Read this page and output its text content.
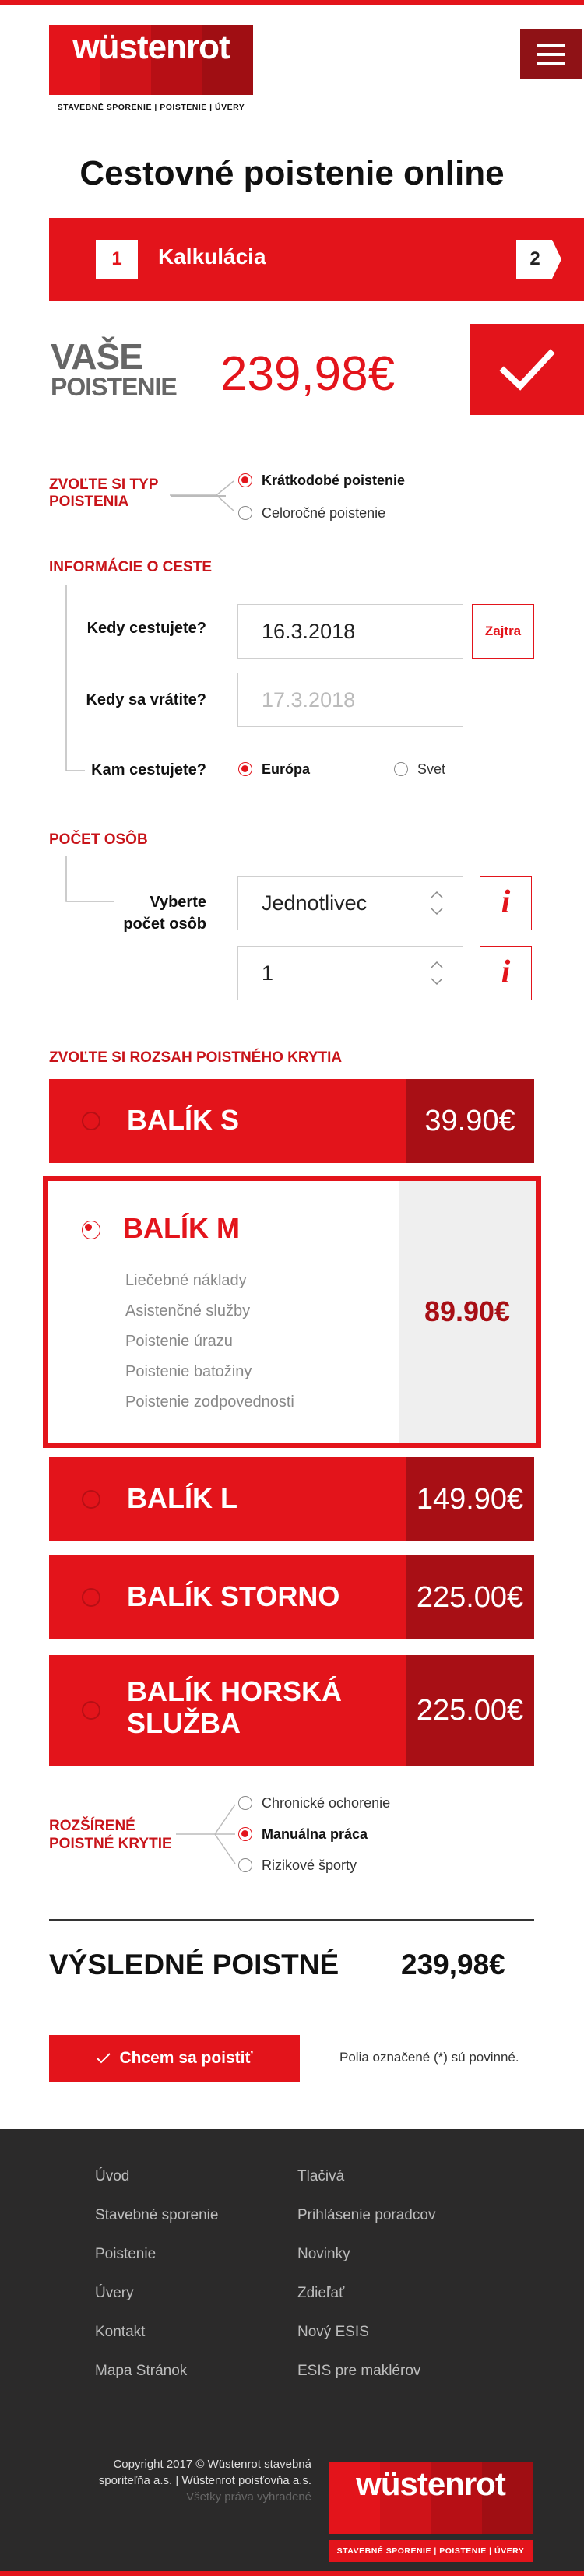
wüstenrot
STAVEBNÉ SPORENIE | POISTENIE | ÚVERY
Cestovné poistenie online
1	Kalkulácia	2
VAŠE
POISTENIE 239,98€
ZVOĽTE SI TYP
POISTENIA
Krátkodobé poistenie
Celoročné poistenie
INFORMÁCIE O CESTE
Kedy cestujete?	16.3.2018	Zajtra
Kedy sa vrátite?	17.3.2018
Kam cestujete?	Európa	Svet
POČET OSÔB
Vyberte
počet osôb
Jednotlivec	i
1	i
ZVOĽTE SI ROZSAH POISTNÉHO KRYTIA
BALÍK S	39.90€
BALÍK M
Liečebné náklady
Asistenčné služby
Poistenie úrazu
Poistenie batožiny
Poistenie zodpovednosti
89.90€
BALÍK L	149.90€
BALÍK STORNO	225.00€
BALÍK HORSKÁ
SLUŽBA	225.00€
ROZŠÍRENÉ
POISTNÉ KRYTIE
Chronické ochorenie
Manuálna práca
Rizikové športy
VÝSLEDNÉ POISTNÉ 239,98€
Chcem sa poistiť	Polia označené (*) sú povinné.
Úvod
Stavebné sporenie
Poistenie
Úvery
Kontakt
Mapa Stránok
Tlačivá
Prihlásenie poradcov
Novinky
Zdieľať
Nový ESIS
ESIS pre maklérov
Copyright 2017 © Wüstenrot stavebná
sporiteľňa a.s. | Wüstenrot poisťovňa a.s.
Všetky práva vyhradené	wüstenrot
STAVEBNÉ SPORENIE | POISTENIE | ÚVERY
